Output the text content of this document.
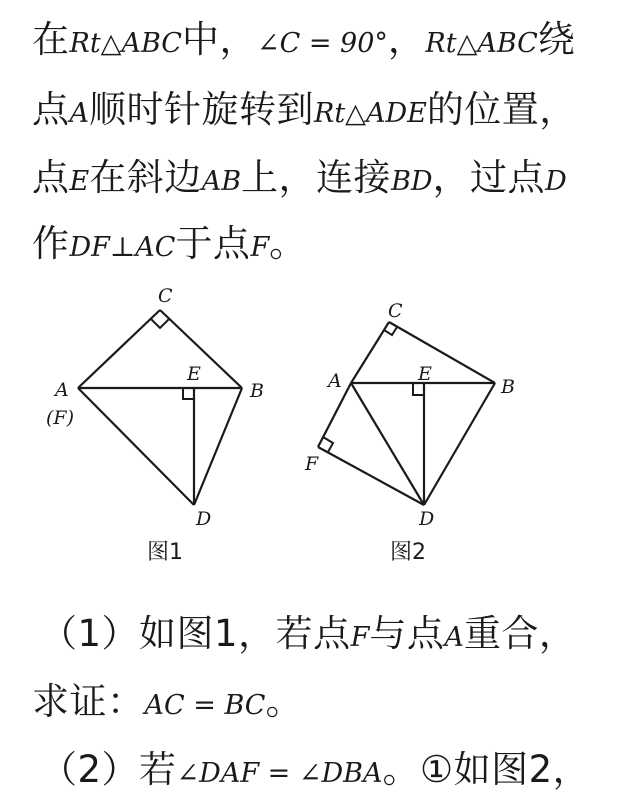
在Rt△ABC中，∠C = 90°，Rt△ABC绕
点A顺时针旋转到Rt△ADE的位置，
点E在斜边AB上，连接BD，过点D
作DF⊥AC于点F。
C
A
(F)
B
E
D
图1
C
A	B
E
F
D
图2
（1）如图1，若点F与点A重合，
求证：AC = BC。
（2）若∠DAF = ∠DBA。①如图2，
